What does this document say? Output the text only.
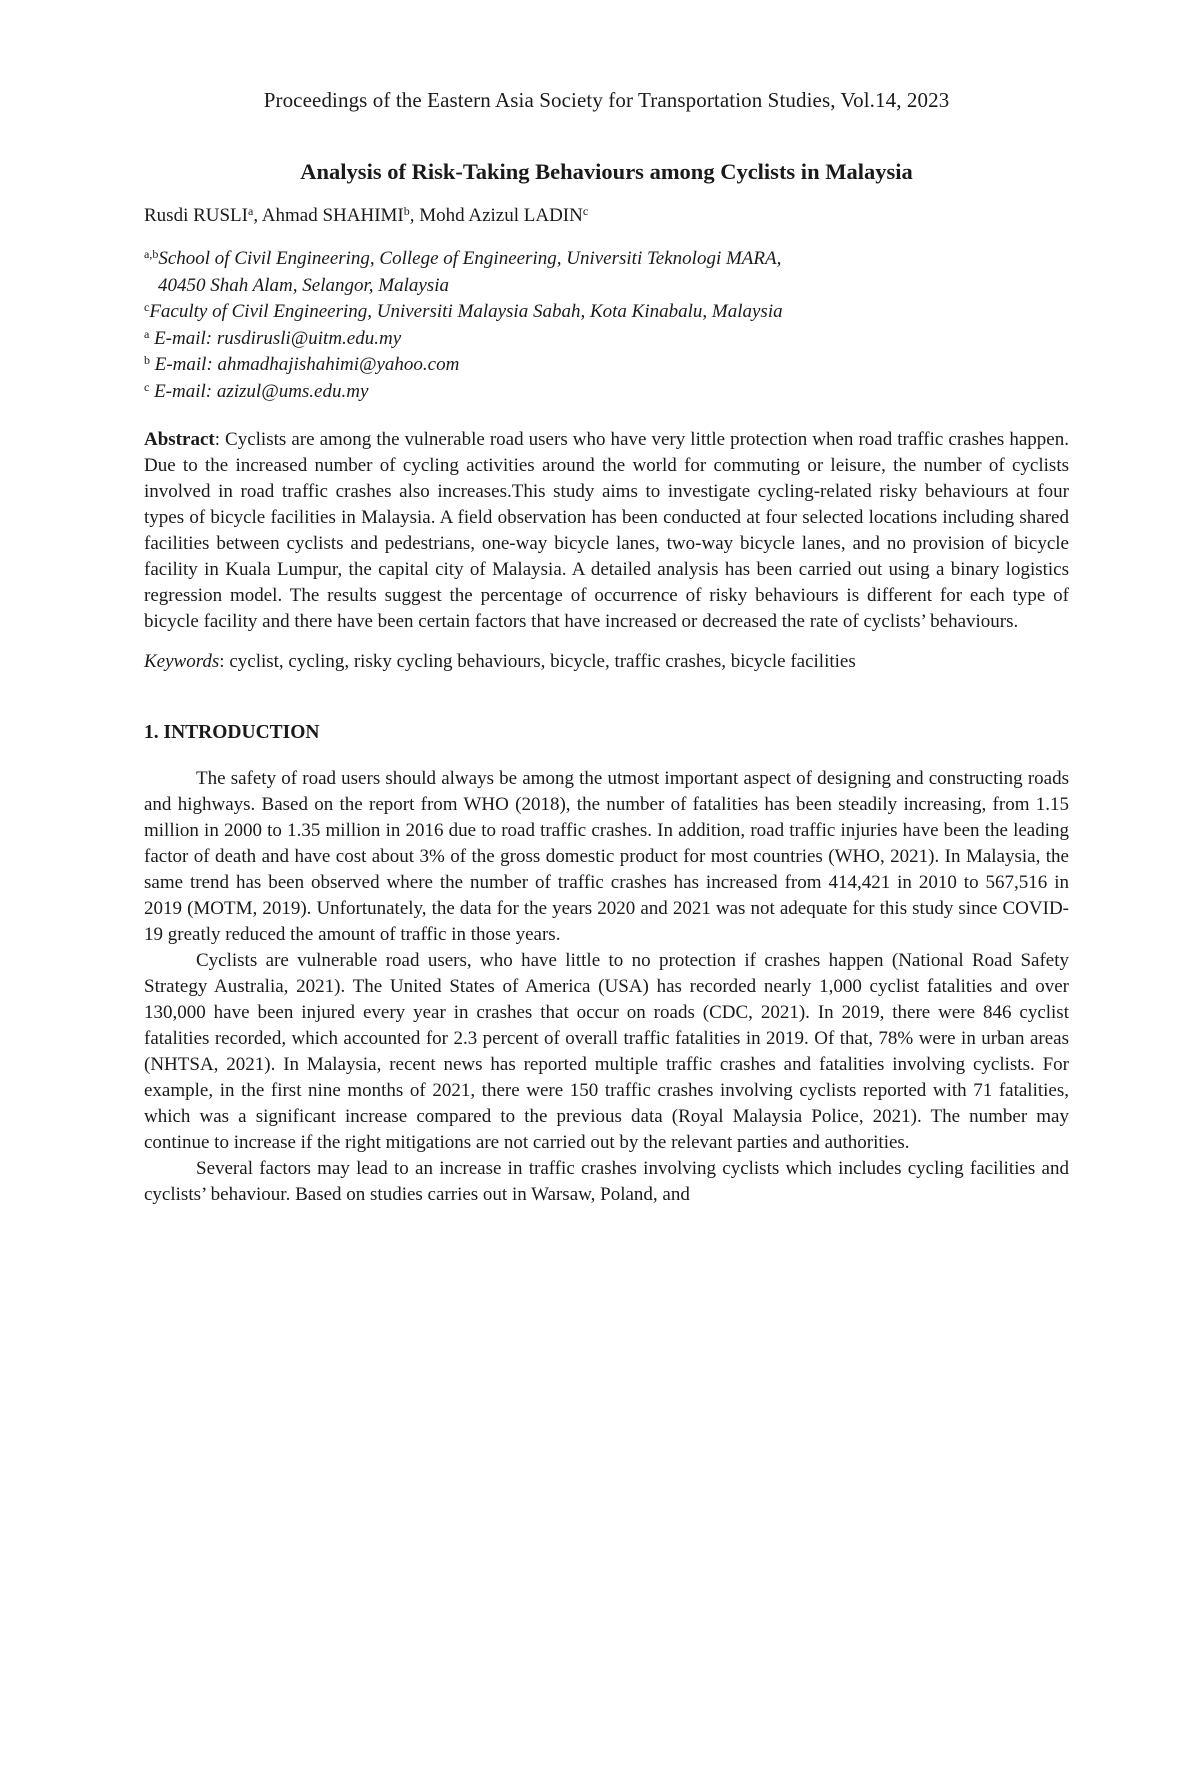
Proceedings of the Eastern Asia Society for Transportation Studies, Vol.14, 2023
Analysis of Risk-Taking Behaviours among Cyclists in Malaysia
Rusdi RUSLI$^a$, Ahmad SHAHIMI$^b$, Mohd Azizul LADIN$^c$
$^{a,b}$School of Civil Engineering, College of Engineering, Universiti Teknologi MARA,
40450 Shah Alam, Selangor, Malaysia
$^c$Faculty of Civil Engineering, Universiti Malaysia Sabah, Kota Kinabalu, Malaysia
$^a$ E-mail: rusdirusli@uitm.edu.my
$^b$ E-mail: ahmadhajishahimi@yahoo.com
$^c$ E-mail: azizul@ums.edu.my
Abstract: Cyclists are among the vulnerable road users who have very little protection when road traffic crashes happen. Due to the increased number of cycling activities around the world for commuting or leisure, the number of cyclists involved in road traffic crashes also increases.This study aims to investigate cycling-related risky behaviours at four types of bicycle facilities in Malaysia. A field observation has been conducted at four selected locations including shared facilities between cyclists and pedestrians, one-way bicycle lanes, two-way bicycle lanes, and no provision of bicycle facility in Kuala Lumpur, the capital city of Malaysia. A detailed analysis has been carried out using a binary logistics regression model. The results suggest the percentage of occurrence of risky behaviours is different for each type of bicycle facility and there have been certain factors that have increased or decreased the rate of cyclists’ behaviours.
Keywords: cyclist, cycling, risky cycling behaviours, bicycle, traffic crashes, bicycle facilities
1. INTRODUCTION

The safety of road users should always be among the utmost important aspect of designing and constructing roads and highways. Based on the report from WHO (2018), the number of fatalities has been steadily increasing, from 1.15 million in 2000 to 1.35 million in 2016 due to road traffic crashes. In addition, road traffic injuries have been the leading factor of death and have cost about 3% of the gross domestic product for most countries (WHO, 2021). In Malaysia, the same trend has been observed where the number of traffic crashes has increased from 414,421 in 2010 to 567,516 in 2019 (MOTM, 2019). Unfortunately, the data for the years 2020 and 2021 was not adequate for this study since COVID-19 greatly reduced the amount of traffic in those years.

Cyclists are vulnerable road users, who have little to no protection if crashes happen (National Road Safety Strategy Australia, 2021). The United States of America (USA) has recorded nearly 1,000 cyclist fatalities and over 130,000 have been injured every year in crashes that occur on roads (CDC, 2021). In 2019, there were 846 cyclist fatalities recorded, which accounted for 2.3 percent of overall traffic fatalities in 2019. Of that, 78% were in urban areas (NHTSA, 2021). In Malaysia, recent news has reported multiple traffic crashes and fatalities involving cyclists. For example, in the first nine months of 2021, there were 150 traffic crashes involving cyclists reported with 71 fatalities, which was a significant increase compared to the previous data (Royal Malaysia Police, 2021). The number may continue to increase if the right mitigations are not carried out by the relevant parties and authorities.

Several factors may lead to an increase in traffic crashes involving cyclists which includes cycling facilities and cyclists’ behaviour. Based on studies carries out in Warsaw, Poland, and
